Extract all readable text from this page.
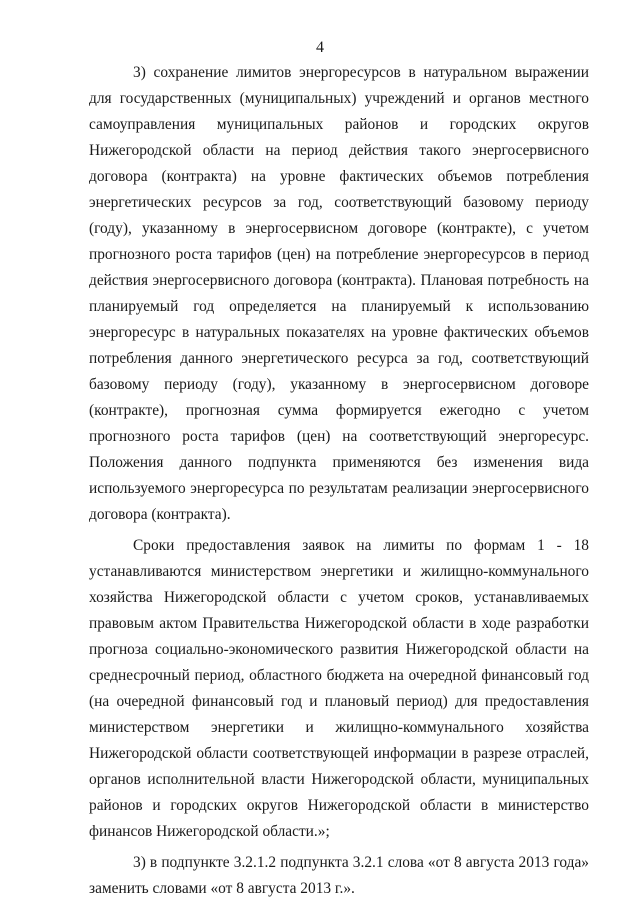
4

3) сохранение лимитов энергоресурсов в натуральном выражении для государственных (муниципальных) учреждений и органов местного самоуправления муниципальных районов и городских округов Нижегородской области на период действия такого энергосервисного договора (контракта) на уровне фактических объемов потребления энергетических ресурсов за год, соответствующий базовому периоду (году), указанному в энергосервисном договоре (контракте), с учетом прогнозного роста тарифов (цен) на потребление энергоресурсов в период действия энергосервисного договора (контракта). Плановая потребность на планируемый год определяется на планируемый к использованию энергоресурс в натуральных показателях на уровне фактических объемов потребления данного энергетического ресурса за год, соответствующий базовому периоду (году), указанному в энергосервисном договоре (контракте), прогнозная сумма формируется ежегодно с учетом прогнозного роста тарифов (цен) на соответствующий энергоресурс. Положения данного подпункта применяются без изменения вида используемого энергоресурса по результатам реализации энергосервисного договора (контракта).

Сроки предоставления заявок на лимиты по формам 1 - 18 устанавливаются министерством энергетики и жилищно-коммунального хозяйства Нижегородской области с учетом сроков, устанавливаемых правовым актом Правительства Нижегородской области в ходе разработки прогноза социально-экономического развития Нижегородской области на среднесрочный период, областного бюджета на очередной финансовый год (на очередной финансовый год и плановый период) для предоставления министерством энергетики и жилищно-коммунального хозяйства Нижегородской области соответствующей информации в разрезе отраслей, органов исполнительной власти Нижегородской области, муниципальных районов и городских округов Нижегородской области в министерство финансов Нижегородской области.»;

3) в подпункте 3.2.1.2 подпункта 3.2.1 слова «от 8 августа 2013 года» заменить словами «от 8 августа 2013 г.».
